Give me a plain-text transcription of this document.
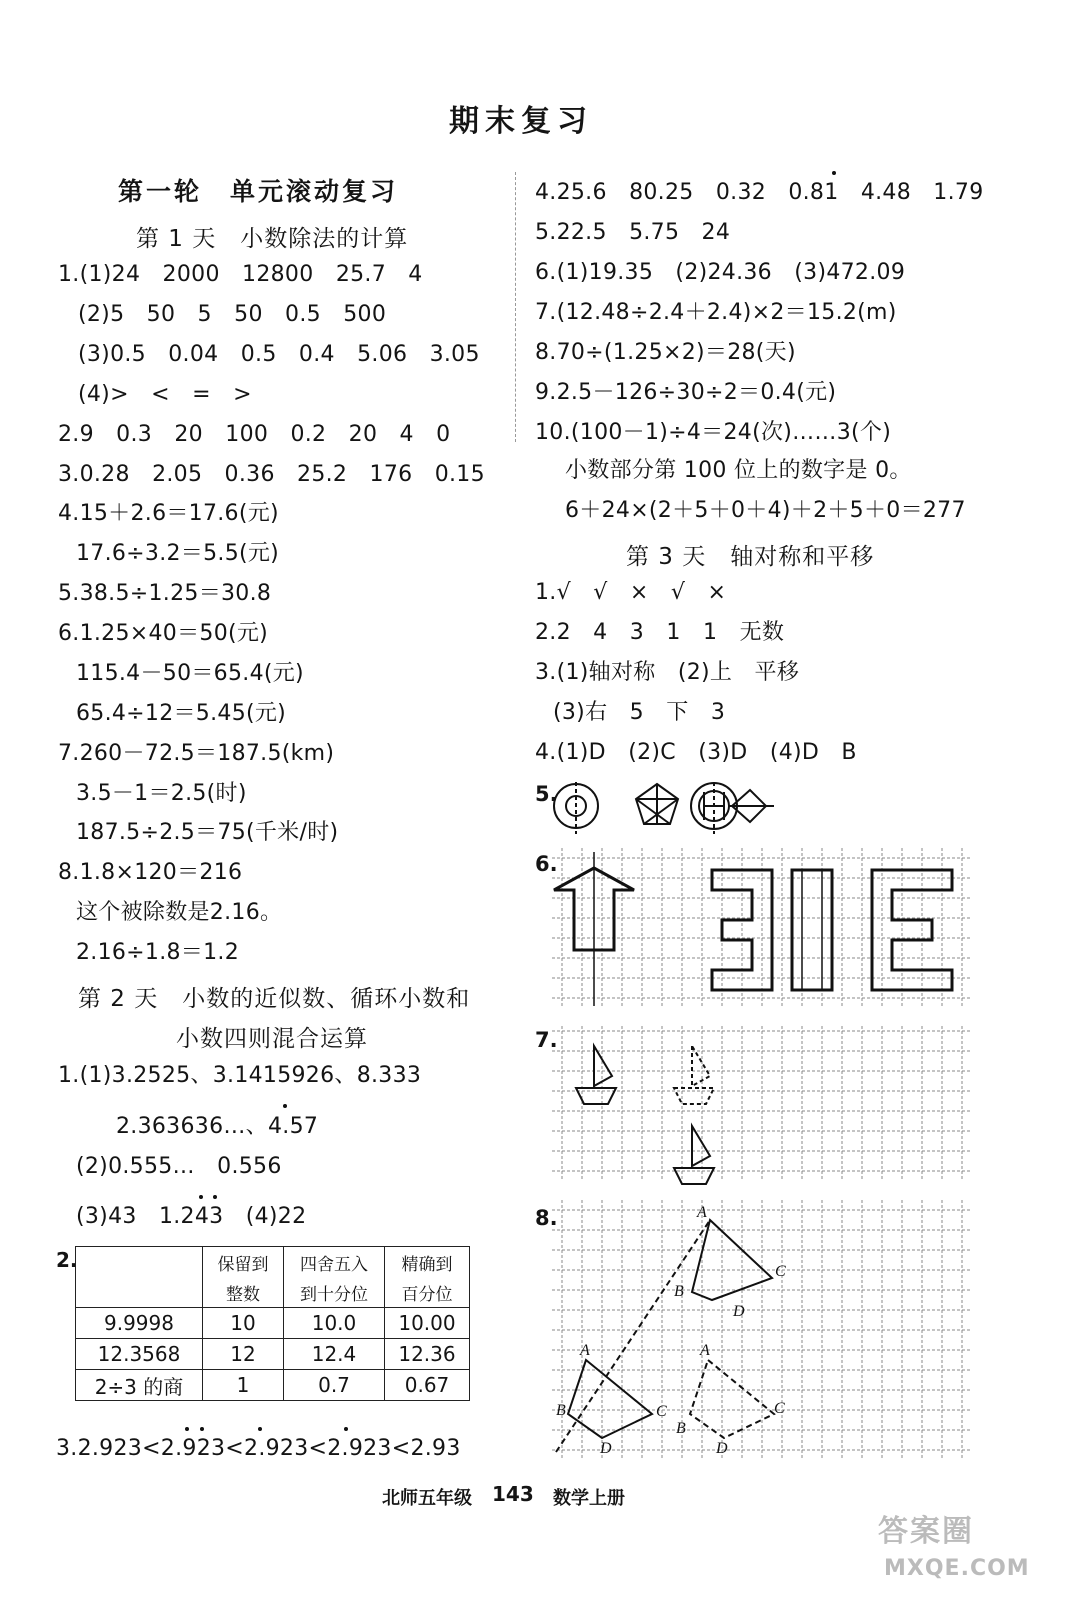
期末复习
第一轮　单元滚动复习
第 1 天　小数除法的计算
1.(1)24　2000　12800　25.7　4
(2)5　50　5　50　0.5　500
(3)0.5　0.04　0.5　0.4　5.06　3.05
(4)>　<　=　>
2.9　0.3　20　100　0.2　20　4　0
3.0.28　2.05　0.36　25.2　176　0.15
4.15＋2.6＝17.6(元)
17.6÷3.2＝5.5(元)
5.38.5÷1.25＝30.8
6.1.25×40＝50(元)
115.4－50＝65.4(元)
65.4÷12＝5.45(元)
7.260－72.5＝187.5(km)
3.5－1＝2.5(时)
187.5÷2.5＝75(千米/时)
8.1.8×120＝216
这个被除数是2.16。
2.16÷1.8＝1.2
第 2 天　小数的近似数、循环小数和
小数四则混合运算
1.(1)3.2525、3.1415926、8.333
2.363636…、4.57
(2)0.555…　0.556
(3)43　1.243　(4)22
2.
		保留到	四舍五入	精确到
	整数	到十分位	百分位
9.9998	10	10.0	10.00
12.3568	12	12.4	12.36
2÷3 的商	1	0.7	0.67
3.2.923<2.923<2.923<2.923<2.93
4.25.6　80.25　0.32　0.81　4.48　1.79
5.22.5　5.75　24
6.(1)19.35　(2)24.36　(3)472.09
7.(12.48÷2.4＋2.4)×2＝15.2(m)
8.70÷(1.25×2)＝28(天)
9.2.5－126÷30÷2＝0.4(元)
10.(100－1)÷4＝24(次)……3(个)
小数部分第 100 位上的数字是 0。
6＋24×(2＋5＋0＋4)＋2＋5＋0＝277
第 3 天　轴对称和平移
1.√　√　×　√　×
2.2　4　3　1　1　无数
3.(1)轴对称　(2)上　平移
(3)右　5　下　3
4.(1)D　(2)C　(3)D　(4)D　B
5.
6.
7.
8.	A
B
C
D
A
B	C
D
A
B
C
D
北师五年级 143 数学上册
答案圈
MXQE.COM
